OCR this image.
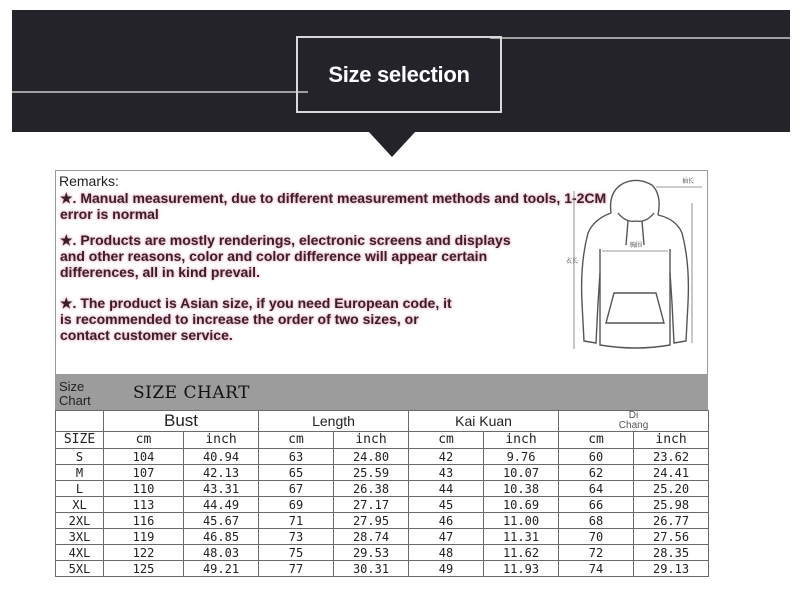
Size selection
Remarks:
★. Manual measurement, due to different measurement methods and tools, 1-2CM
error is normal
★. Products are mostly renderings, electronic screens and displays
and other reasons, color and color difference will appear certain
differences, all in kind prevail.
★. The product is Asian size, if you need European code, it
is recommended to increase the order of two sizes, or
contact customer service.
袖长
胸围
衣长
Size
Chart	SIZE CHART
	Bust		Length		Kai Kuan		Di
Chang	
SIZE	cm	inch	cm	inch	cm	inch	cm	inch
S	104	40.94	63	24.80	42	9.76	60	23.62
M	107	42.13	65	25.59	43	10.07	62	24.41
L	110	43.31	67	26.38	44	10.38	64	25.20
XL	113	44.49	69	27.17	45	10.69	66	25.98
2XL	116	45.67	71	27.95	46	11.00	68	26.77
3XL	119	46.85	73	28.74	47	11.31	70	27.56
4XL	122	48.03	75	29.53	48	11.62	72	28.35
5XL	125	49.21	77	30.31	49	11.93	74	29.13
